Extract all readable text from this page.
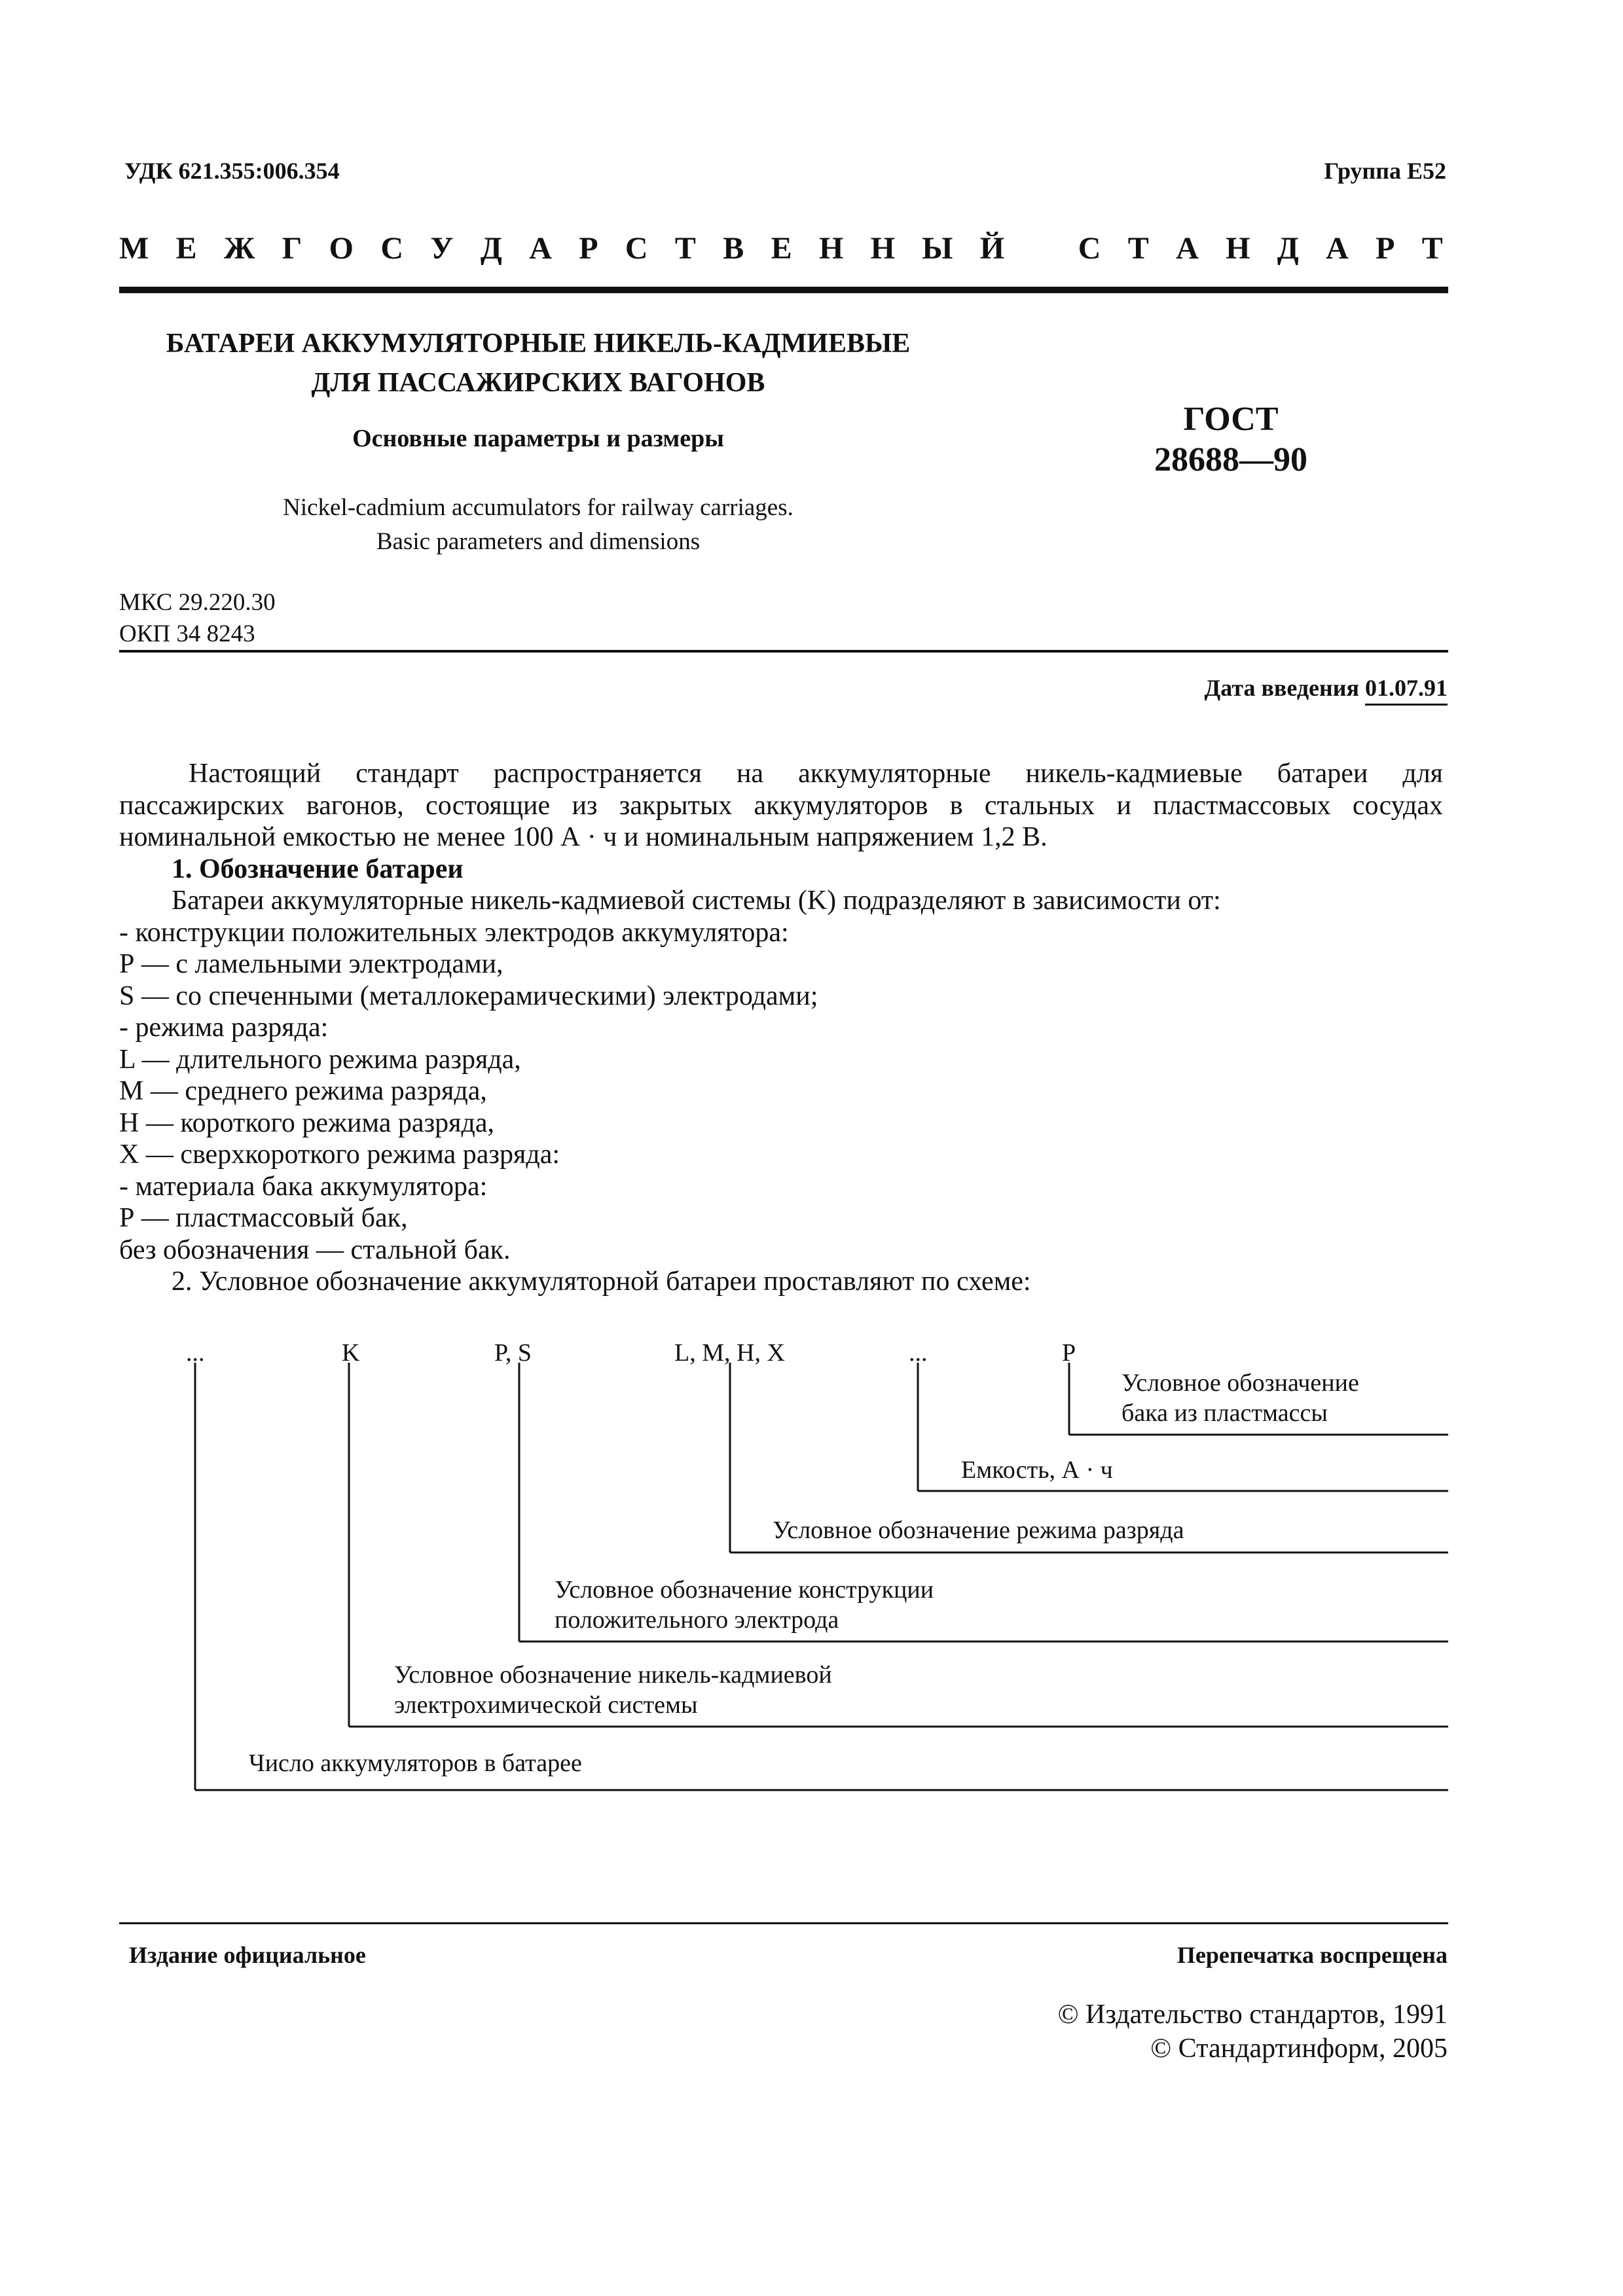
УДК 621.355:006.354	Группа Е52
М Е Ж Г О С У Д А Р С Т В Е Н Н Ы Й С Т А Н Д А Р Т
БАТАРЕИ АККУМУЛЯТОРНЫЕ НИКЕЛЬ-КАДМИЕВЫЕ
ДЛЯ ПАССАЖИРСКИХ ВАГОНОВ
ГОСТ
28688—90
Основные параметры и размеры
Nickel-cadmium accumulators for railway carriages.
Basic parameters and dimensions
МКС 29.220.30
ОКП 34 8243
Дата введения 01.07.91

Настоящий стандарт распространяется на аккумуляторные никель-кадмиевые батареи для

пассажирских вагонов, состоящие из закрытых аккумуляторов в стальных и пластмассовых сосудах

номинальной емкостью не менее 100 А · ч и номинальным напряжением 1,2 В.

1. Обозначение батареи

Батареи аккумуляторные никель-кадмиевой системы (K) подразделяют в зависимости от:

- конструкции положительных электродов аккумулятора:

Р — с ламельными электродами,

S — со спеченными (металлокерамическими) электродами;

- режима разряда:

L — длительного режима разряда,

М — среднего режима разряда,

Н — короткого режима разряда,

Х — сверхкороткого режима разряда:

- материала бака аккумулятора:

Р — пластмассовый бак,

без обозначения — стальной бак.

2. Условное обозначение аккумуляторной батареи проставляют по схеме:

...	K	P, S	L, M, H, X	...	P
Условное обозначение
бака из пластмассы
Емкость, А · ч
Условное обозначение режима разряда
Условное обозначение конструкции
положительного электрода
Условное обозначение никель-кадмиевой
электрохимической системы
Число аккумуляторов в батарее
Издание официальное	Перепечатка воспрещена
© Издательство стандартов, 1991
© Стандартинформ, 2005
